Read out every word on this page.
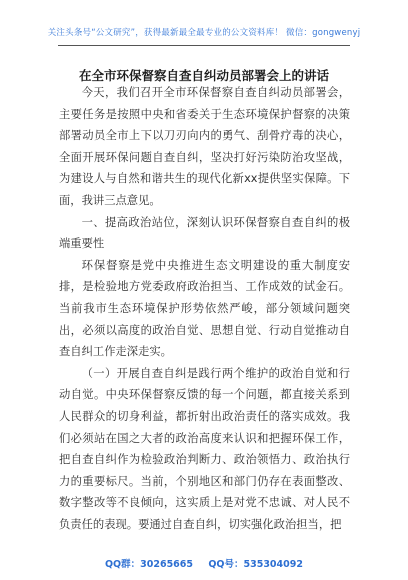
关注头条号“公文研究”，获得最新最全最专业的公文资料库！ 微信：gongwenyj
在全市环保督察自查自纠动员部署会上的讲话

今天，我们召开全市环保督察自查自纠动员部署会，主要任务是按照中央和省委关于生态环境保护督察的决策部署动员全市上下以刀刃向内的勇气、刮骨疗毒的决心，全面开展环保问题自查自纠，坚决打好污染防治攻坚战，为建设人与自然和谐共生的现代化新xx提供坚实保障。下面，我讲三点意见。

一、提高政治站位，深刻认识环保督察自查自纠的极端重要性

环保督察是党中央推进生态文明建设的重大制度安排，是检验地方党委政府政治担当、工作成效的试金石。当前我市生态环境保护形势依然严峻，部分领域问题突出，必须以高度的政治自觉、思想自觉、行动自觉推动自查自纠工作走深走实。

（一）开展自查自纠是践行两个维护的政治自觉和行动自觉。中央环保督察反馈的每一个问题，都直接关系到人民群众的切身利益，都折射出政治责任的落实成效。我们必须站在国之大者的政治高度来认识和把握环保工作，把自查自纠作为检验政治判断力、政治领悟力、政治执行力的重要标尺。当前，个别地区和部门仍存在表面整改、数字整改等不良倾向，这实质上是对党不忠诚、对人民不负责任的表现。要通过自查自纠，切实强化政治担当，把

QQ群：30265665 QQ号：535304092
